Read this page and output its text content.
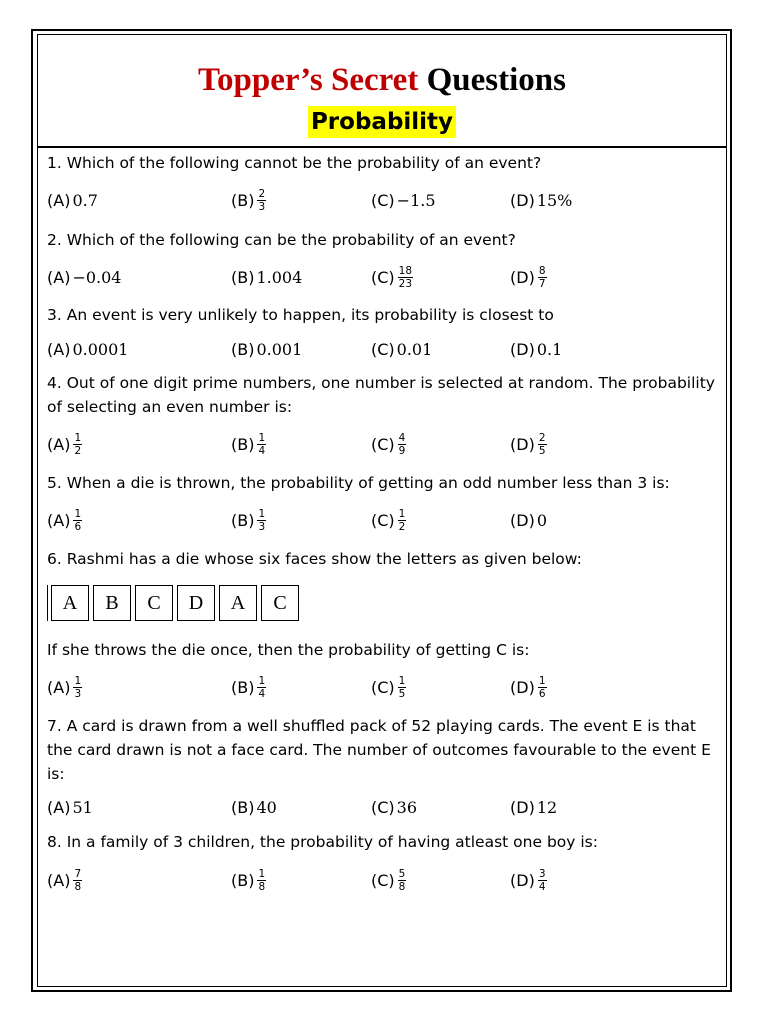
Topper’s Secret Questions
Probability

1. Which of the following cannot be the probability of an event?

(A) 0.7	$(B) \frac{2}{3}$	(C) −1.5	(D) 15%

2. Which of the following can be the probability of an event?

(A) −0.04	(B) 1.004	$(C) \frac{18}{23}$	$(D) \frac{8}{7}$

3. An event is very unlikely to happen, its probability is closest to

(A) 0.0001	(B) 0.001	(C) 0.01	(D) 0.1

4. Out of one digit prime numbers, one number is selected at random. The probability of selecting an even number is:

$(A) \frac{1}{2}$	$(B) \frac{1}{4}$	$(C) \frac{4}{9}$	$(D) \frac{2}{5}$

5. When a die is thrown, the probability of getting an odd number less than 3 is:

$(A) \frac{1}{6}$	$(B) \frac{1}{3}$	$(C) \frac{1}{2}$	(D) 0

6. Rashmi has a die whose six faces show the letters as given below:

A	B	C	D	A	C

If she throws the die once, then the probability of getting C is:

$(A) \frac{1}{3}$	$(B) \frac{1}{4}$	$(C) \frac{1}{5}$	$(D) \frac{1}{6}$

7. A card is drawn from a well shuffled pack of 52 playing cards. The event E is that the card drawn is not a face card. The number of outcomes favourable to the event E is:

(A) 51	(B) 40	(C) 36	(D) 12

8. In a family of 3 children, the probability of having atleast one boy is:

$(A) \frac{7}{8}$	$(B) \frac{1}{8}$	$(C) \frac{5}{8}$	$(D) \frac{3}{4}$
